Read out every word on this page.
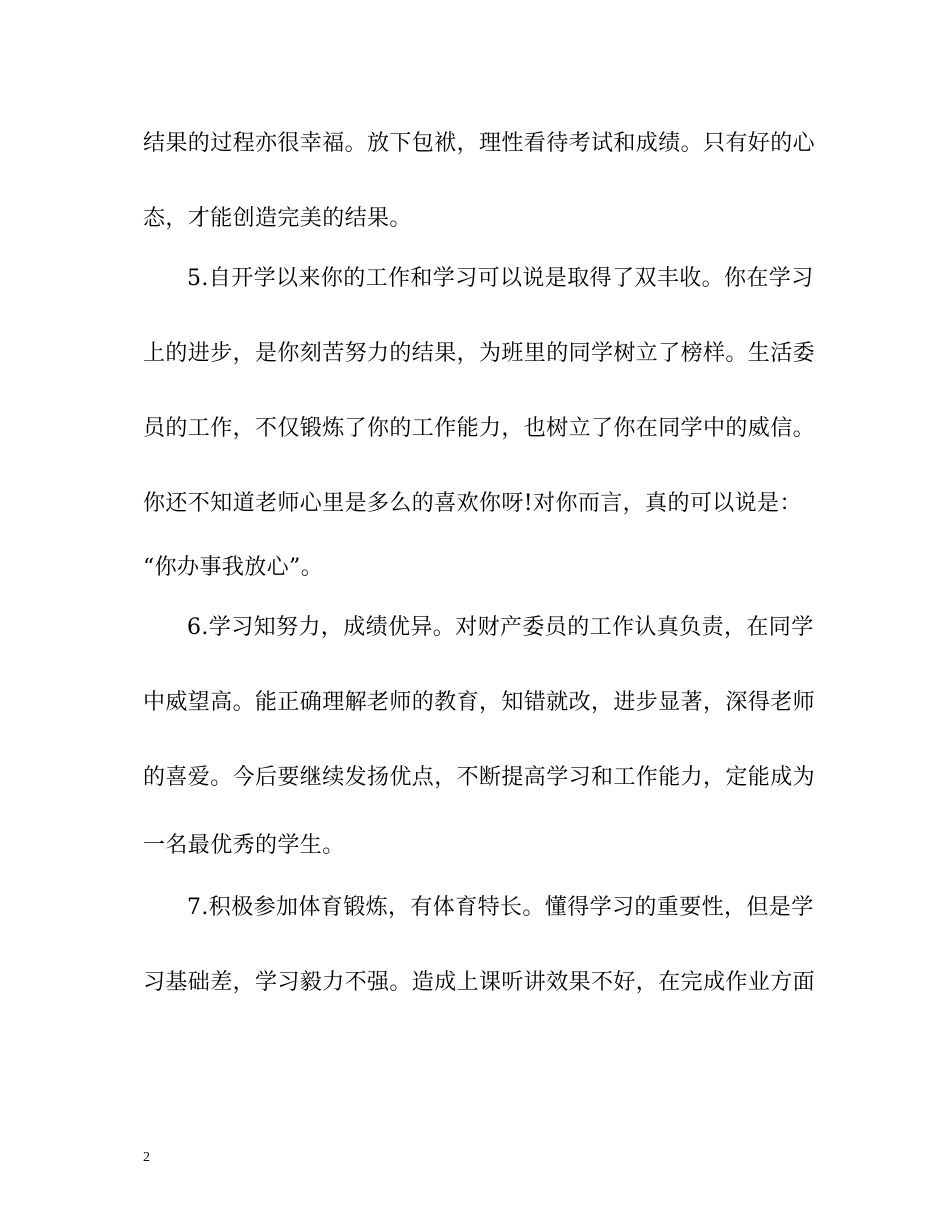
结果的过程亦很幸福。放下包袱，理性看待考试和成绩。只有好的心
态，才能创造完美的结果。
5.自开学以来你的工作和学习可以说是取得了双丰收。你在学习
上的进步，是你刻苦努力的结果，为班里的同学树立了榜样。生活委
员的工作，不仅锻炼了你的工作能力，也树立了你在同学中的威信。
你还不知道老师心里是多么的喜欢你呀!对你而言，真的可以说是：
“你办事我放心”。
6.学习知努力，成绩优异。对财产委员的工作认真负责，在同学
中威望高。能正确理解老师的教育，知错就改，进步显著，深得老师
的喜爱。今后要继续发扬优点，不断提高学习和工作能力，定能成为
一名最优秀的学生。
7.积极参加体育锻炼，有体育特长。懂得学习的重要性，但是学
习基础差，学习毅力不强。造成上课听讲效果不好，在完成作业方面
2
